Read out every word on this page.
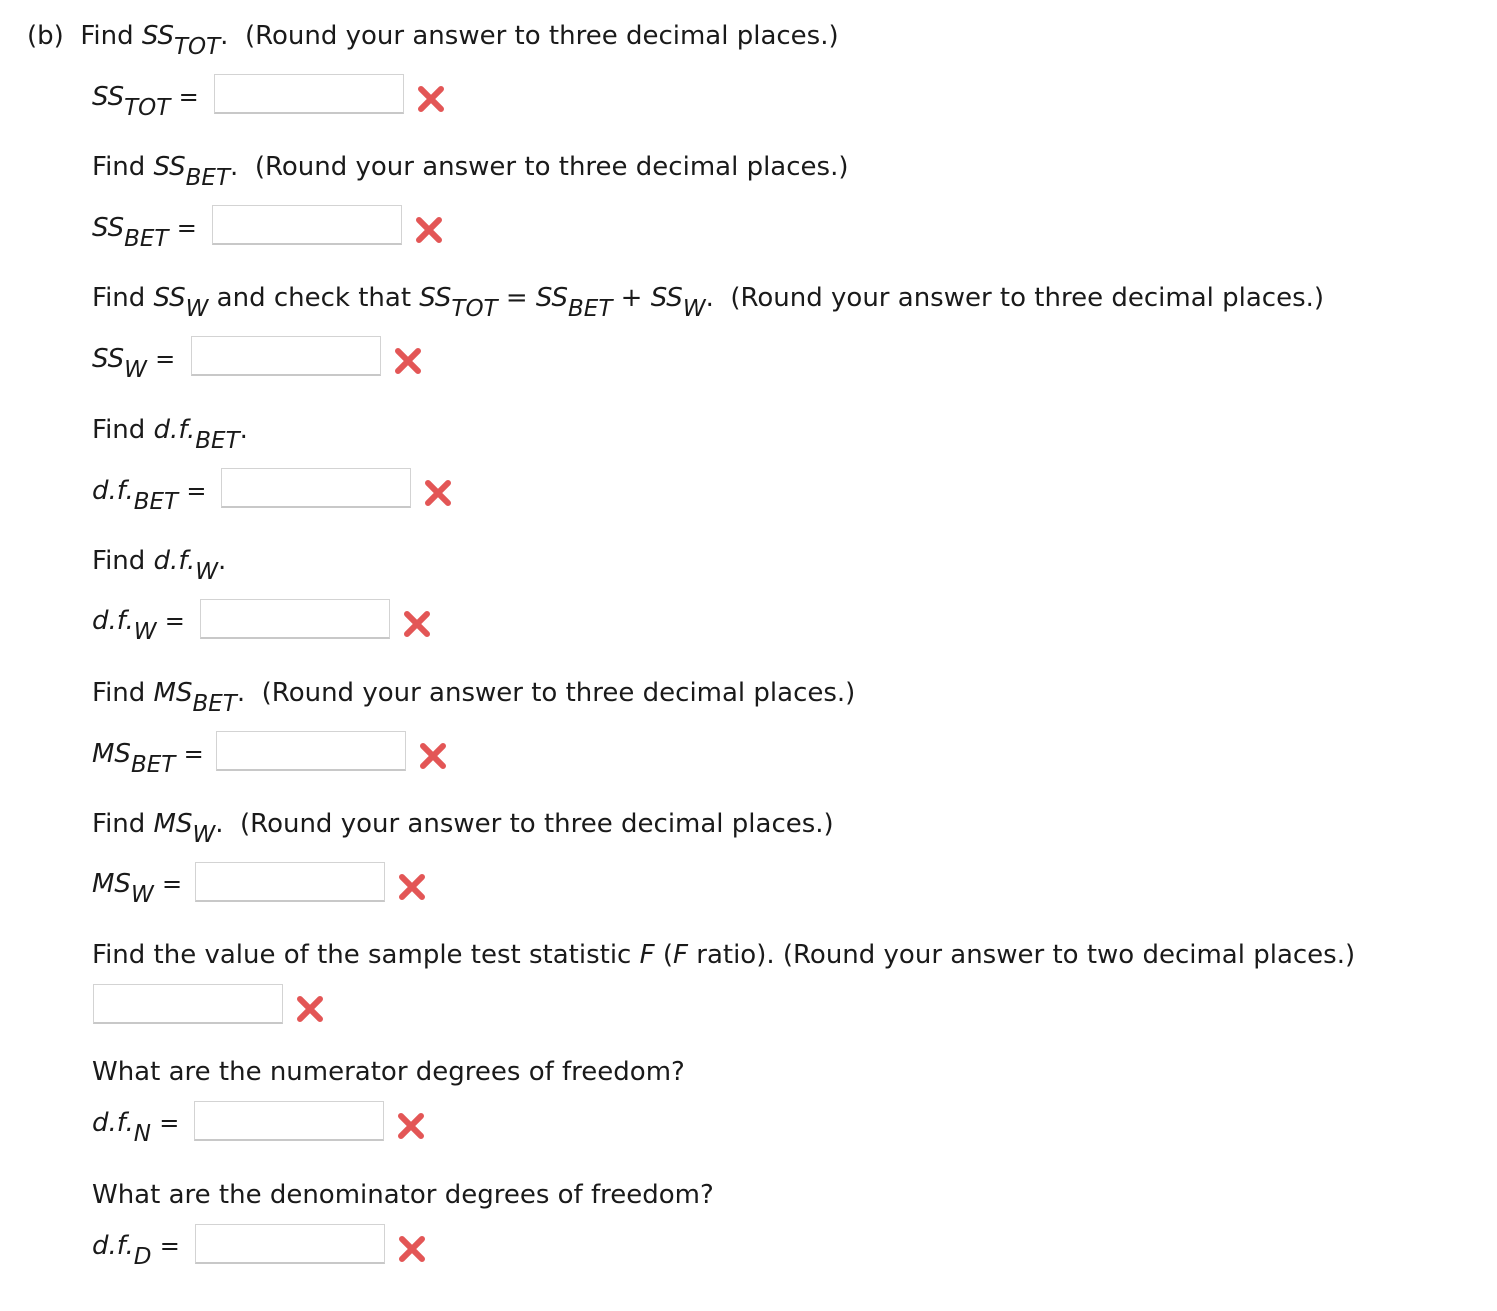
(b) Find SSTOT. (Round your answer to three decimal places.)
SSTOT =
Find SSBET. (Round your answer to three decimal places.)
SSBET =
Find SSW and check that SSTOT = SSBET + SSW. (Round your answer to three decimal places.)
SSW =
Find d.f.BET.
d.f.BET =
Find d.f.W.
d.f.W =
Find MSBET. (Round your answer to three decimal places.)
MSBET =
Find MSW. (Round your answer to three decimal places.)
MSW =
Find the value of the sample test statistic F (F ratio). (Round your answer to two decimal places.)
What are the numerator degrees of freedom?
d.f.N =
What are the denominator degrees of freedom?
d.f.D =
